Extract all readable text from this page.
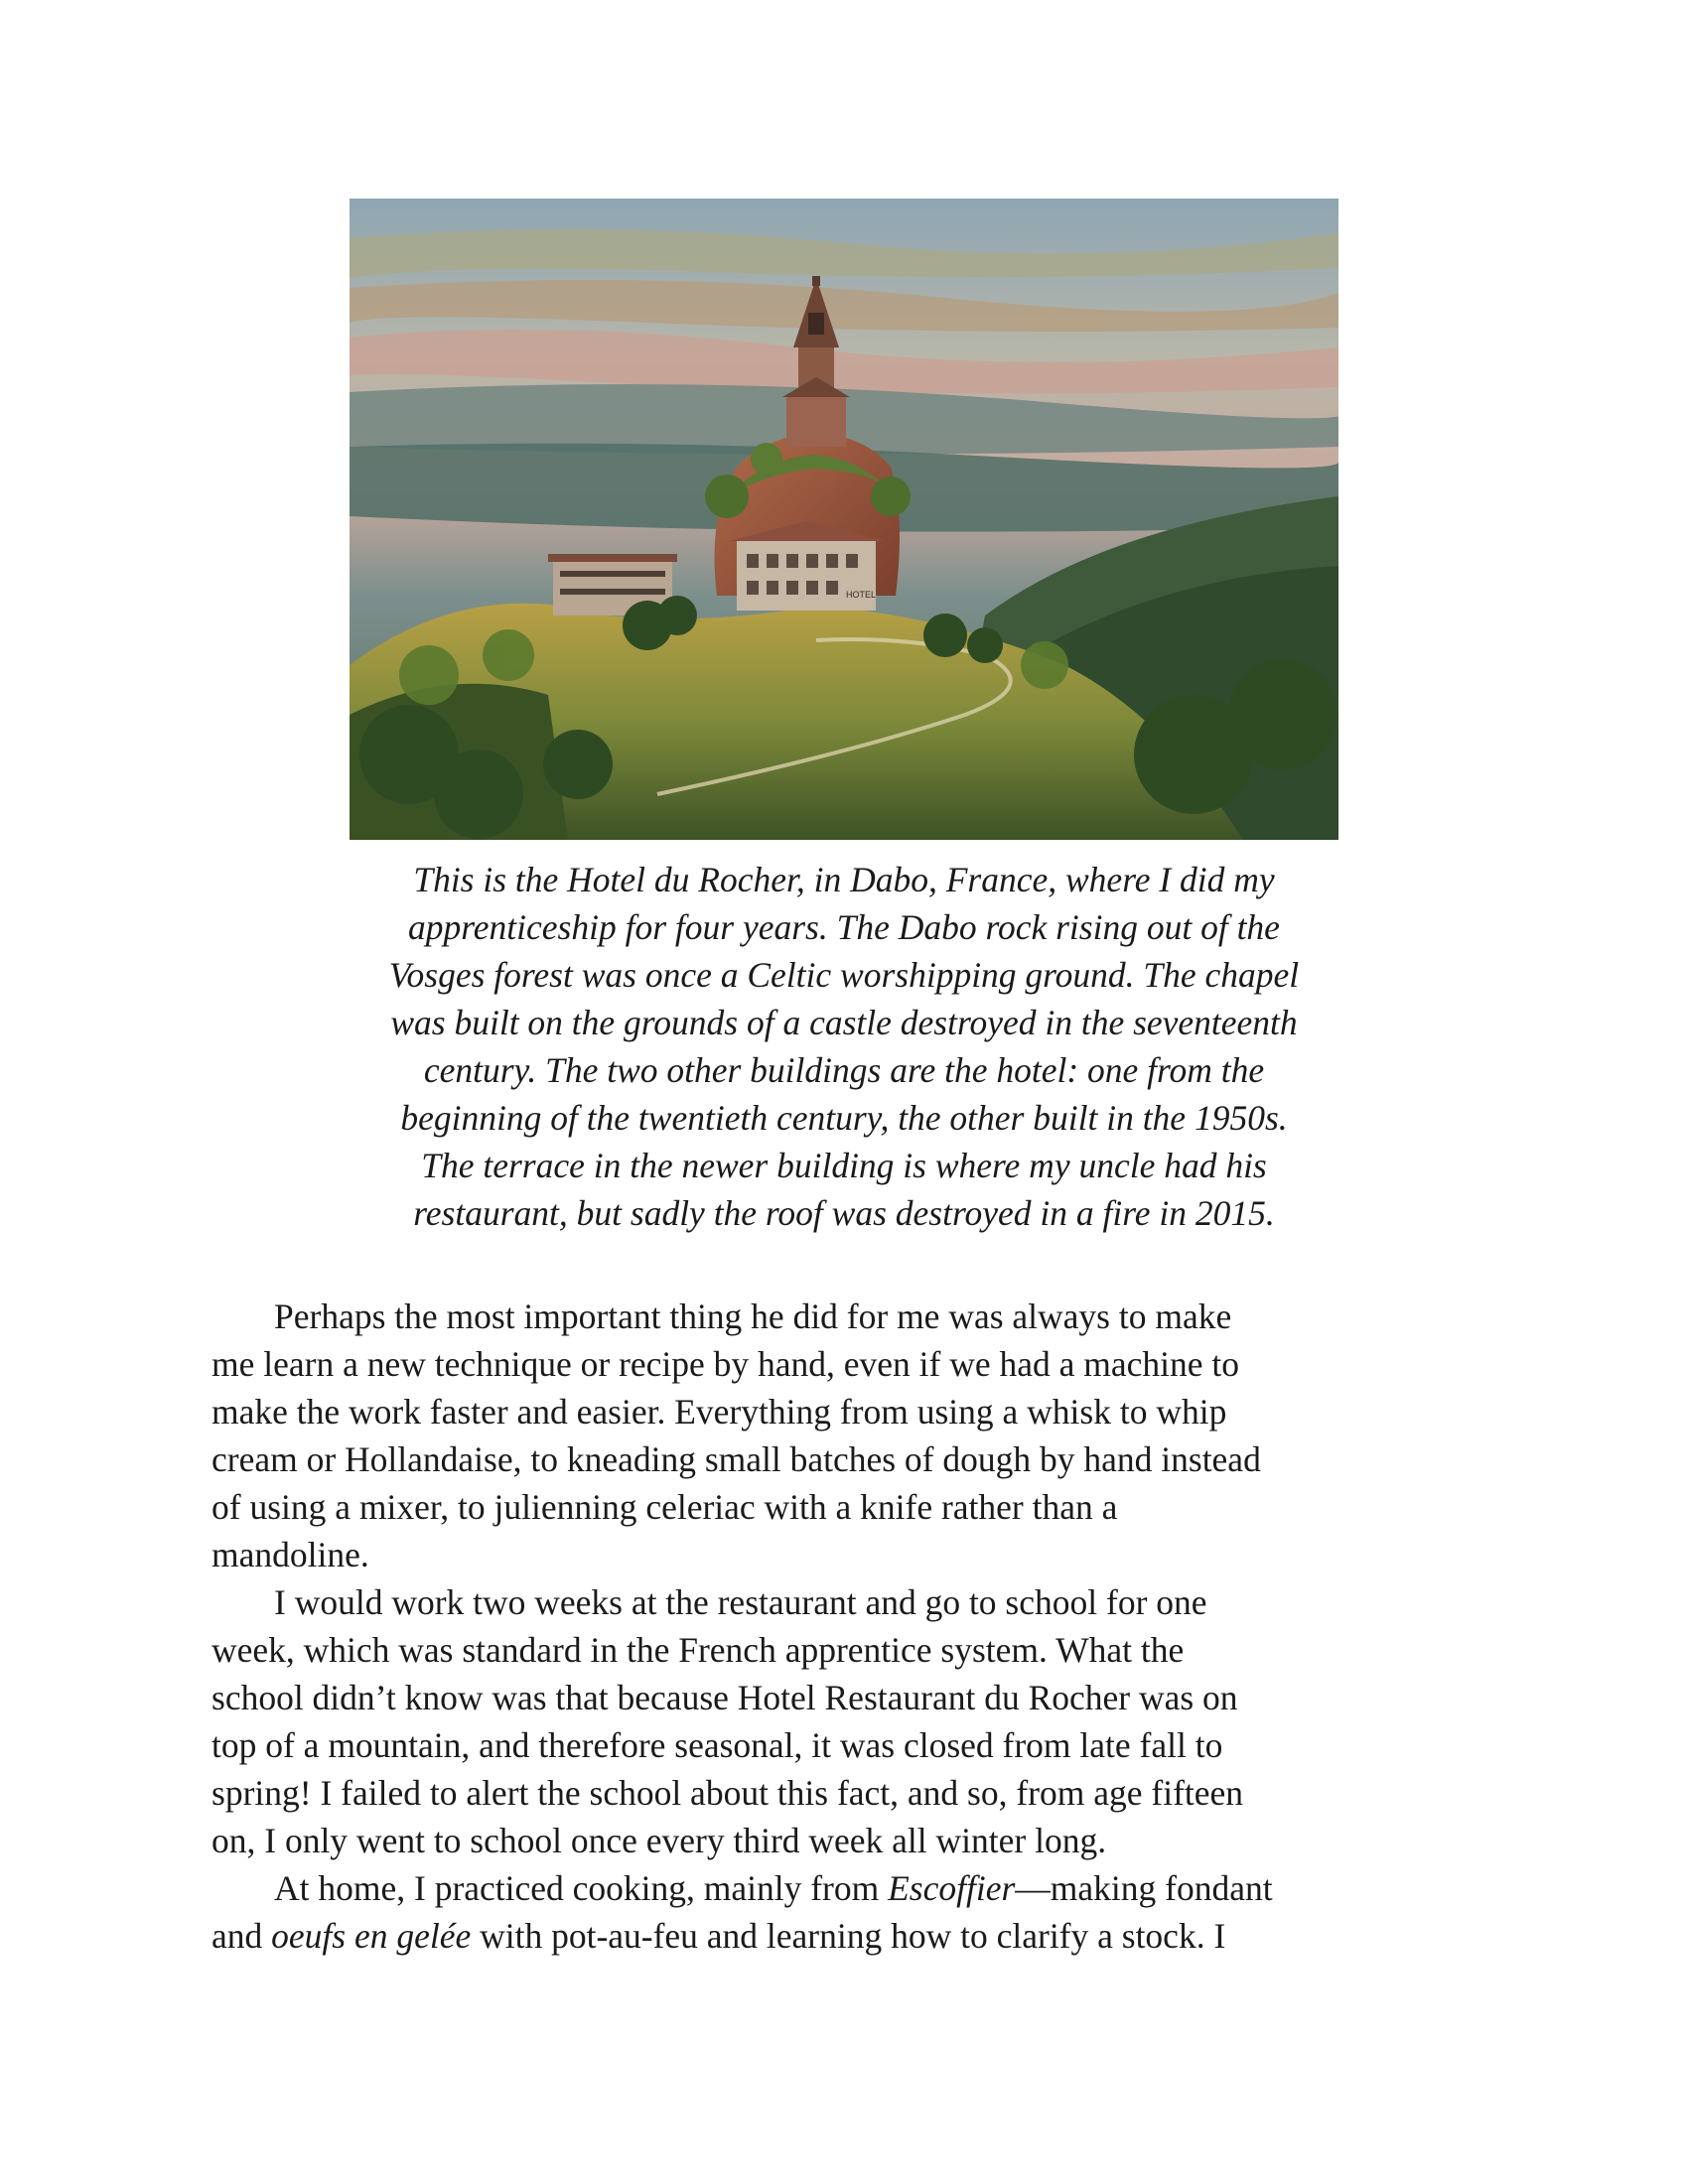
HOTEL
This is the Hotel du Rocher, in Dabo, France, where I did my
apprenticeship for four years. The Dabo rock rising out of the
Vosges forest was once a Celtic worshipping ground. The chapel
was built on the grounds of a castle destroyed in the seventeenth
century. The two other buildings are the hotel: one from the
beginning of the twentieth century, the other built in the 1950s.
The terrace in the newer building is where my uncle had his
restaurant, but sadly the roof was destroyed in a fire in 2015.
Perhaps the most important thing he did for me was always to make
me learn a new technique or recipe by hand, even if we had a machine to
make the work faster and easier. Everything from using a whisk to whip
cream or Hollandaise, to kneading small batches of dough by hand instead
of using a mixer, to julienning celeriac with a knife rather than a
mandoline.
I would work two weeks at the restaurant and go to school for one
week, which was standard in the French apprentice system. What the
school didn’t know was that because Hotel Restaurant du Rocher was on
top of a mountain, and therefore seasonal, it was closed from late fall to
spring! I failed to alert the school about this fact, and so, from age fifteen
on, I only went to school once every third week all winter long.
At home, I practiced cooking, mainly from Escoffier—making fondant
and oeufs en gelée with pot-au-feu and learning how to clarify a stock. I
